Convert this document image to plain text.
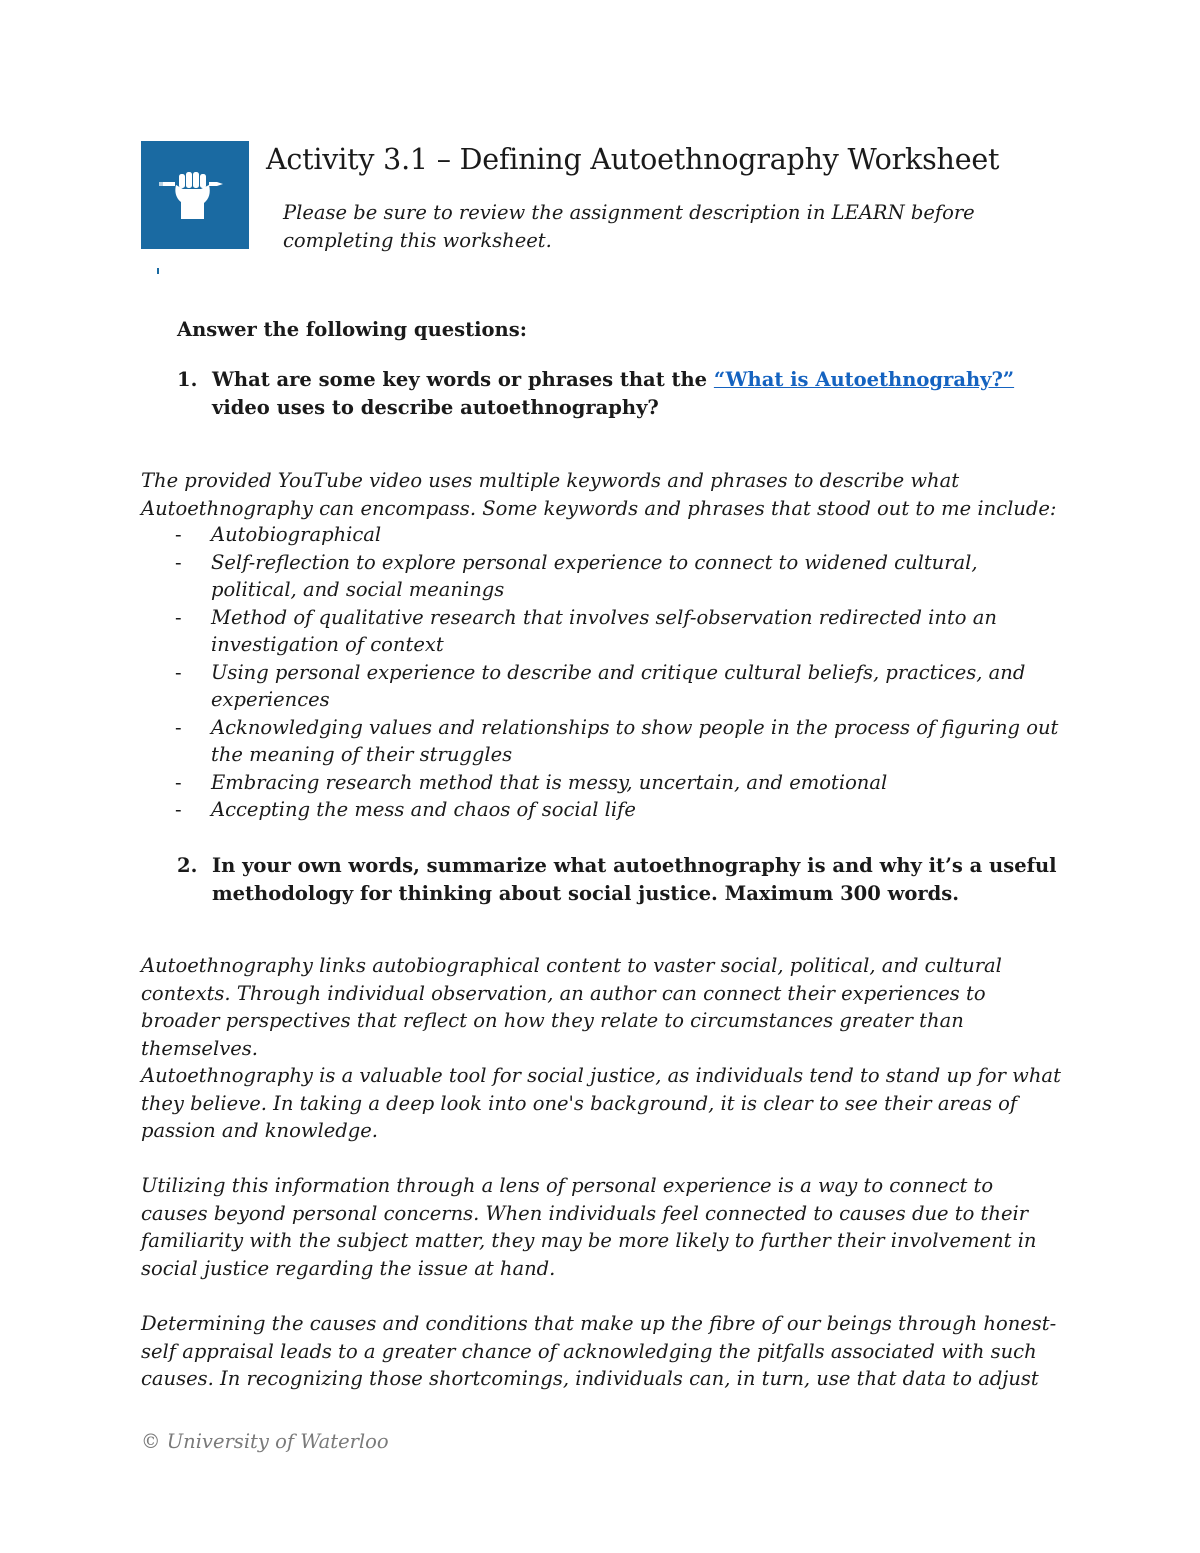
Activity 3.1 – Defining Autoethnography Worksheet
Please be sure to review the assignment description in LEARN before completing this worksheet.
Answer the following questions:
1. What are some key words or phrases that the “What is Autoethnograhy?” video uses to describe autoethnography?

The provided YouTube video uses multiple keywords and phrases to describe what Autoethnography can encompass. Some keywords and phrases that stood out to me include:

- Autobiographical
- Self-reflection to explore personal experience to connect to widened cultural, political, and social meanings
- Method of qualitative research that involves self-observation redirected into an investigation of context
- Using personal experience to describe and critique cultural beliefs, practices, and experiences
- Acknowledging values and relationships to show people in the process of figuring out the meaning of their struggles
- Embracing research method that is messy, uncertain, and emotional
- Accepting the mess and chaos of social life
2. In your own words, summarize what autoethnography is and why it’s a useful methodology for thinking about social justice. Maximum 300 words.

Autoethnography links autobiographical content to vaster social, political, and cultural contexts. Through individual observation, an author can connect their experiences to broader perspectives that reflect on how they relate to circumstances greater than themselves.

Autoethnography is a valuable tool for social justice, as individuals tend to stand up for what they believe. In taking a deep look into one's background, it is clear to see their areas of passion and knowledge.

Utilizing this information through a lens of personal experience is a way to connect to causes beyond personal concerns. When individuals feel connected to causes due to their familiarity with the subject matter, they may be more likely to further their involvement in social justice regarding the issue at hand.

Determining the causes and conditions that make up the fibre of our beings through honest-self appraisal leads to a greater chance of acknowledging the pitfalls associated with such causes. In recognizing those shortcomings, individuals can, in turn, use that data to adjust

© University of Waterloo
